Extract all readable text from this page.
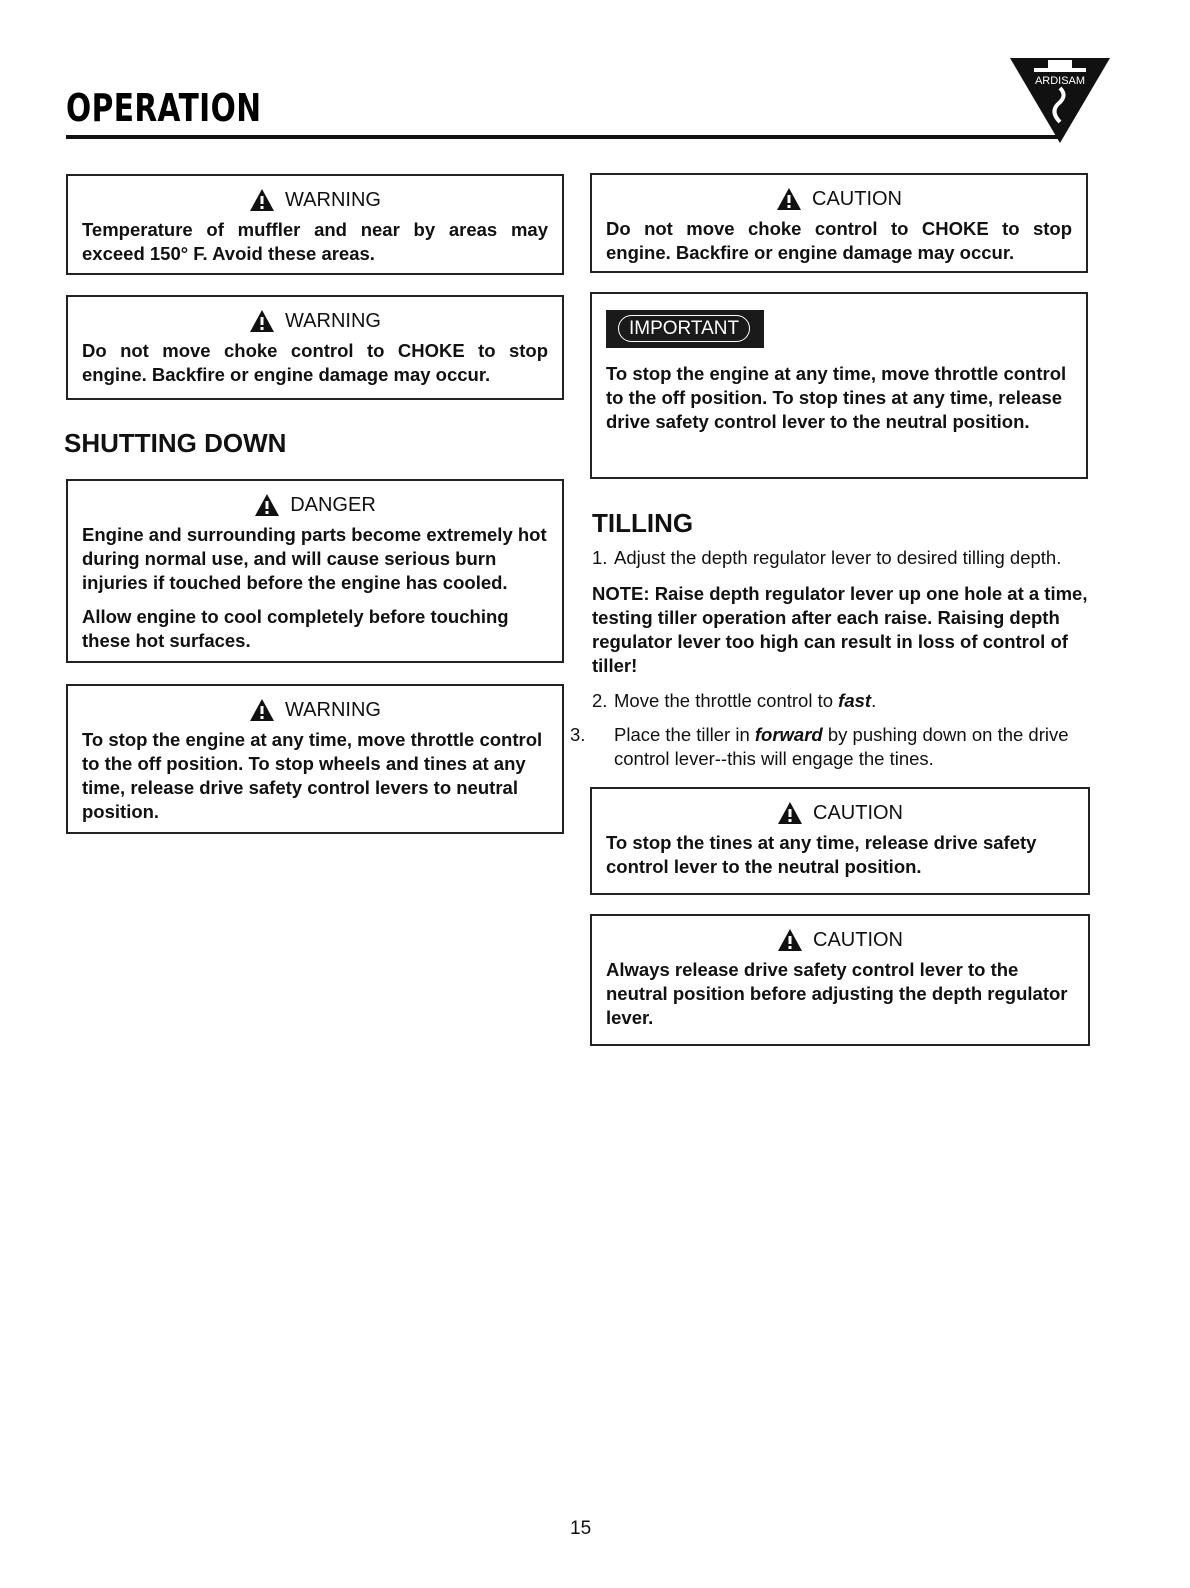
OPERATION
ARDISAM
WARNING

Temperature of muffler and near by areas may exceed 150° F. Avoid these areas.

WARNING

Do not move choke control to CHOKE to stop engine. Backfire or engine damage may occur.

SHUTTING DOWN
DANGER

Engine and surrounding parts become extremely hot during normal use, and will cause serious burn injuries if touched before the engine has cooled.

Allow engine to cool completely before touching these hot surfaces.

WARNING

To stop the engine at any time, move throttle control to the off position. To stop wheels and tines at any time, release drive safety control levers to neutral position.

CAUTION

Do not move choke control to CHOKE to stop engine. Backfire or engine damage may occur.

IMPORTANT

To stop the engine at any time, move throttle control to the off position. To stop tines at any time, release drive safety control lever to the neutral position.

TILLING
1. Adjust the depth regulator lever to desired tilling depth.
NOTE: Raise depth regulator lever up one hole at a time, testing tiller operation after each raise. Raising depth regulator lever too high can result in loss of control of tiller!
2. Move the throttle control to fast.
3. Place the tiller in forward by pushing down on the drive control lever--this will engage the tines.
CAUTION

To stop the tines at any time, release drive safety control lever to the neutral position.

CAUTION

Always release drive safety control lever to the neutral position before adjusting the depth regulator lever.

15
